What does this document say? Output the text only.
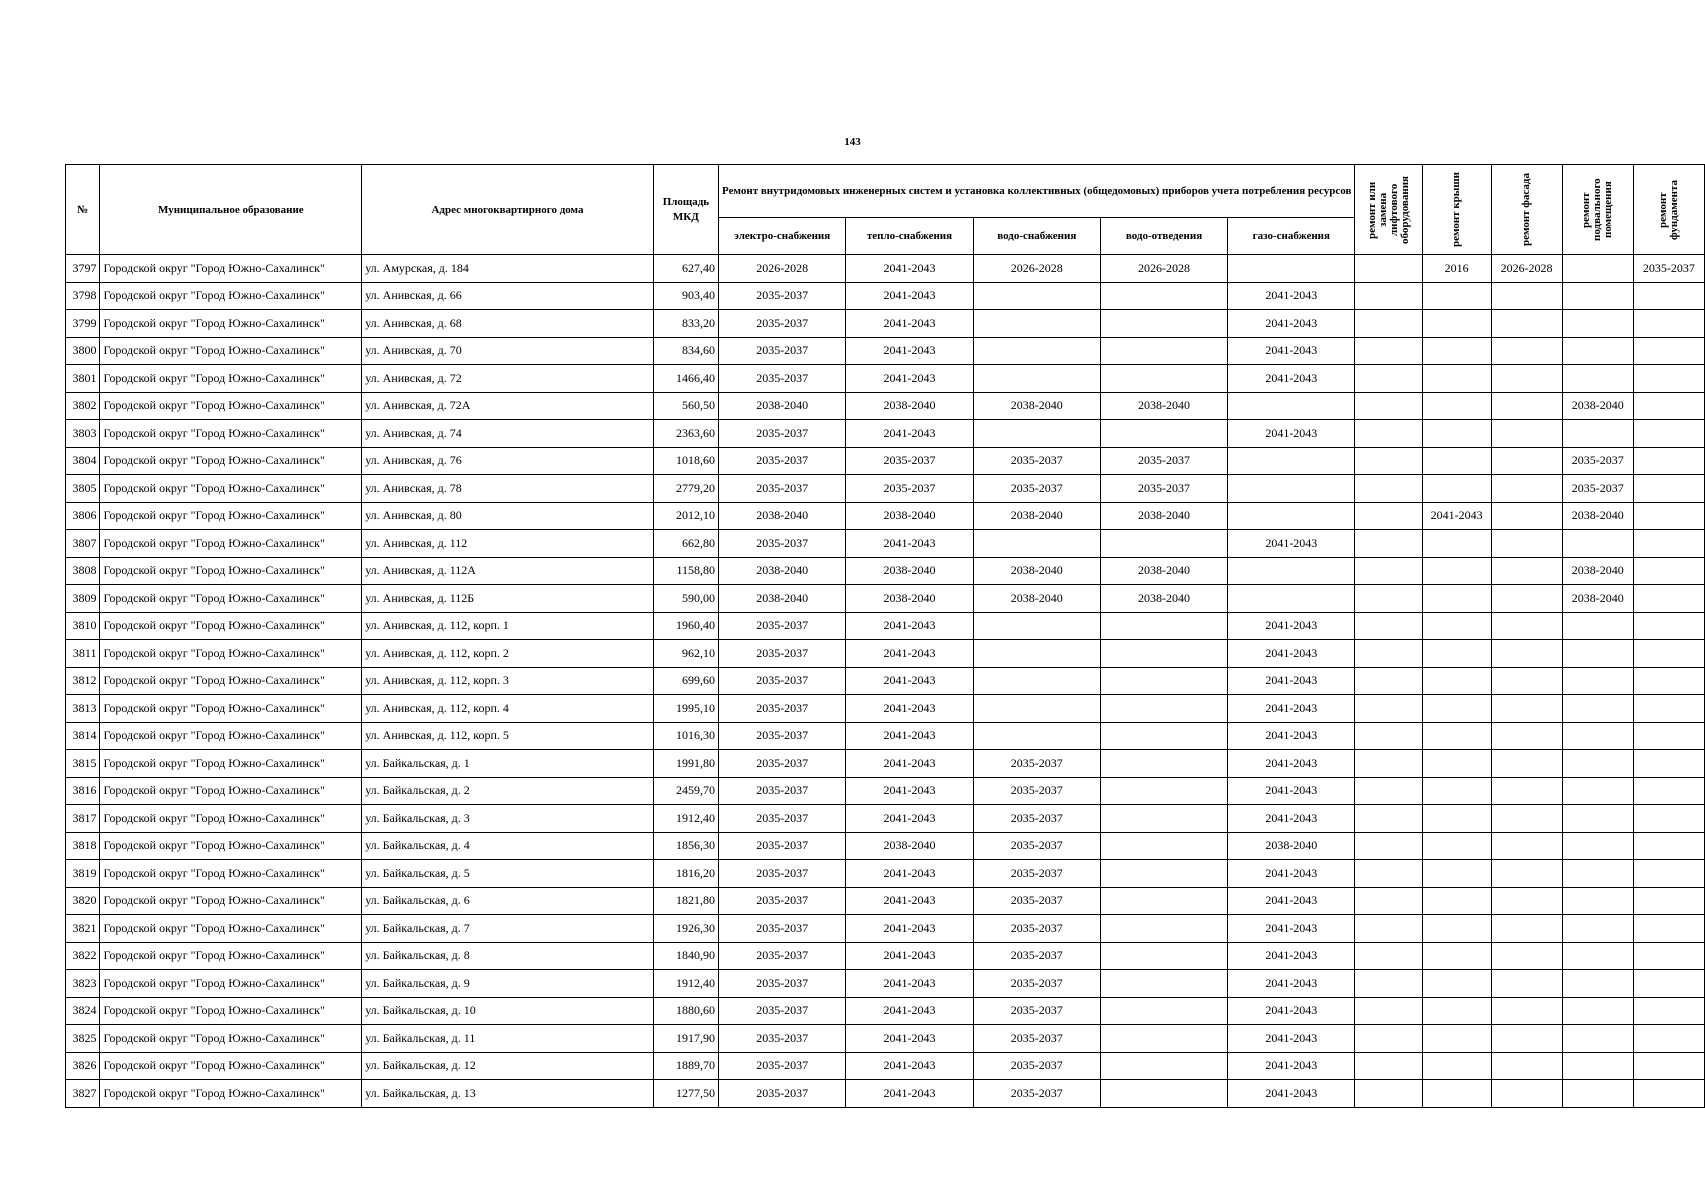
143
№	Муниципальное образование	Адрес многоквартирного дома	Площадь МКД	Ремонт внутридомовых инженерных систем и установка коллективных (общедомовых) приборов учета потребления ресурсов					ремонт или замена лифтового оборудования	ремонт крыши	ремонт фасада	ремонт подвального помещения	ремонт фундамента

				электро-снабжения	тепло-снабжения	водо-снабжения	водо-отведения	газо-снабжения					
3797	Городской округ "Город Южно-Сахалинск"	ул. Амурская, д. 184	627,40	2026-2028	2041-2043	2026-2028	2026-2028			2016	2026-2028		2035-2037
3798	Городской округ "Город Южно-Сахалинск"	ул. Анивская, д. 66	903,40	2035-2037	2041-2043			2041-2043					
3799	Городской округ "Город Южно-Сахалинск"	ул. Анивская, д. 68	833,20	2035-2037	2041-2043			2041-2043					
3800	Городской округ "Город Южно-Сахалинск"	ул. Анивская, д. 70	834,60	2035-2037	2041-2043			2041-2043					
3801	Городской округ "Город Южно-Сахалинск"	ул. Анивская, д. 72	1466,40	2035-2037	2041-2043			2041-2043					
3802	Городской округ "Город Южно-Сахалинск"	ул. Анивская, д. 72А	560,50	2038-2040	2038-2040	2038-2040	2038-2040					2038-2040	
3803	Городской округ "Город Южно-Сахалинск"	ул. Анивская, д. 74	2363,60	2035-2037	2041-2043			2041-2043					
3804	Городской округ "Город Южно-Сахалинск"	ул. Анивская, д. 76	1018,60	2035-2037	2035-2037	2035-2037	2035-2037					2035-2037	
3805	Городской округ "Город Южно-Сахалинск"	ул. Анивская, д. 78	2779,20	2035-2037	2035-2037	2035-2037	2035-2037					2035-2037	
3806	Городской округ "Город Южно-Сахалинск"	ул. Анивская, д. 80	2012,10	2038-2040	2038-2040	2038-2040	2038-2040			2041-2043		2038-2040	
3807	Городской округ "Город Южно-Сахалинск"	ул. Анивская, д. 112	662,80	2035-2037	2041-2043			2041-2043					
3808	Городской округ "Город Южно-Сахалинск"	ул. Анивская, д. 112А	1158,80	2038-2040	2038-2040	2038-2040	2038-2040					2038-2040	
3809	Городской округ "Город Южно-Сахалинск"	ул. Анивская, д. 112Б	590,00	2038-2040	2038-2040	2038-2040	2038-2040					2038-2040	
3810	Городской округ "Город Южно-Сахалинск"	ул. Анивская, д. 112, корп. 1	1960,40	2035-2037	2041-2043			2041-2043					
3811	Городской округ "Город Южно-Сахалинск"	ул. Анивская, д. 112, корп. 2	962,10	2035-2037	2041-2043			2041-2043					
3812	Городской округ "Город Южно-Сахалинск"	ул. Анивская, д. 112, корп. 3	699,60	2035-2037	2041-2043			2041-2043					
3813	Городской округ "Город Южно-Сахалинск"	ул. Анивская, д. 112, корп. 4	1995,10	2035-2037	2041-2043			2041-2043					
3814	Городской округ "Город Южно-Сахалинск"	ул. Анивская, д. 112, корп. 5	1016,30	2035-2037	2041-2043			2041-2043					
3815	Городской округ "Город Южно-Сахалинск"	ул. Байкальская, д. 1	1991,80	2035-2037	2041-2043	2035-2037		2041-2043					
3816	Городской округ "Город Южно-Сахалинск"	ул. Байкальская, д. 2	2459,70	2035-2037	2041-2043	2035-2037		2041-2043					
3817	Городской округ "Город Южно-Сахалинск"	ул. Байкальская, д. 3	1912,40	2035-2037	2041-2043	2035-2037		2041-2043					
3818	Городской округ "Город Южно-Сахалинск"	ул. Байкальская, д. 4	1856,30	2035-2037	2038-2040	2035-2037		2038-2040					
3819	Городской округ "Город Южно-Сахалинск"	ул. Байкальская, д. 5	1816,20	2035-2037	2041-2043	2035-2037		2041-2043					
3820	Городской округ "Город Южно-Сахалинск"	ул. Байкальская, д. 6	1821,80	2035-2037	2041-2043	2035-2037		2041-2043					
3821	Городской округ "Город Южно-Сахалинск"	ул. Байкальская, д. 7	1926,30	2035-2037	2041-2043	2035-2037		2041-2043					
3822	Городской округ "Город Южно-Сахалинск"	ул. Байкальская, д. 8	1840,90	2035-2037	2041-2043	2035-2037		2041-2043					
3823	Городской округ "Город Южно-Сахалинск"	ул. Байкальская, д. 9	1912,40	2035-2037	2041-2043	2035-2037		2041-2043					
3824	Городской округ "Город Южно-Сахалинск"	ул. Байкальская, д. 10	1880,60	2035-2037	2041-2043	2035-2037		2041-2043					
3825	Городской округ "Город Южно-Сахалинск"	ул. Байкальская, д. 11	1917,90	2035-2037	2041-2043	2035-2037		2041-2043					
3826	Городской округ "Город Южно-Сахалинск"	ул. Байкальская, д. 12	1889,70	2035-2037	2041-2043	2035-2037		2041-2043					
3827	Городской округ "Город Южно-Сахалинск"	ул. Байкальская, д. 13	1277,50	2035-2037	2041-2043	2035-2037		2041-2043					
